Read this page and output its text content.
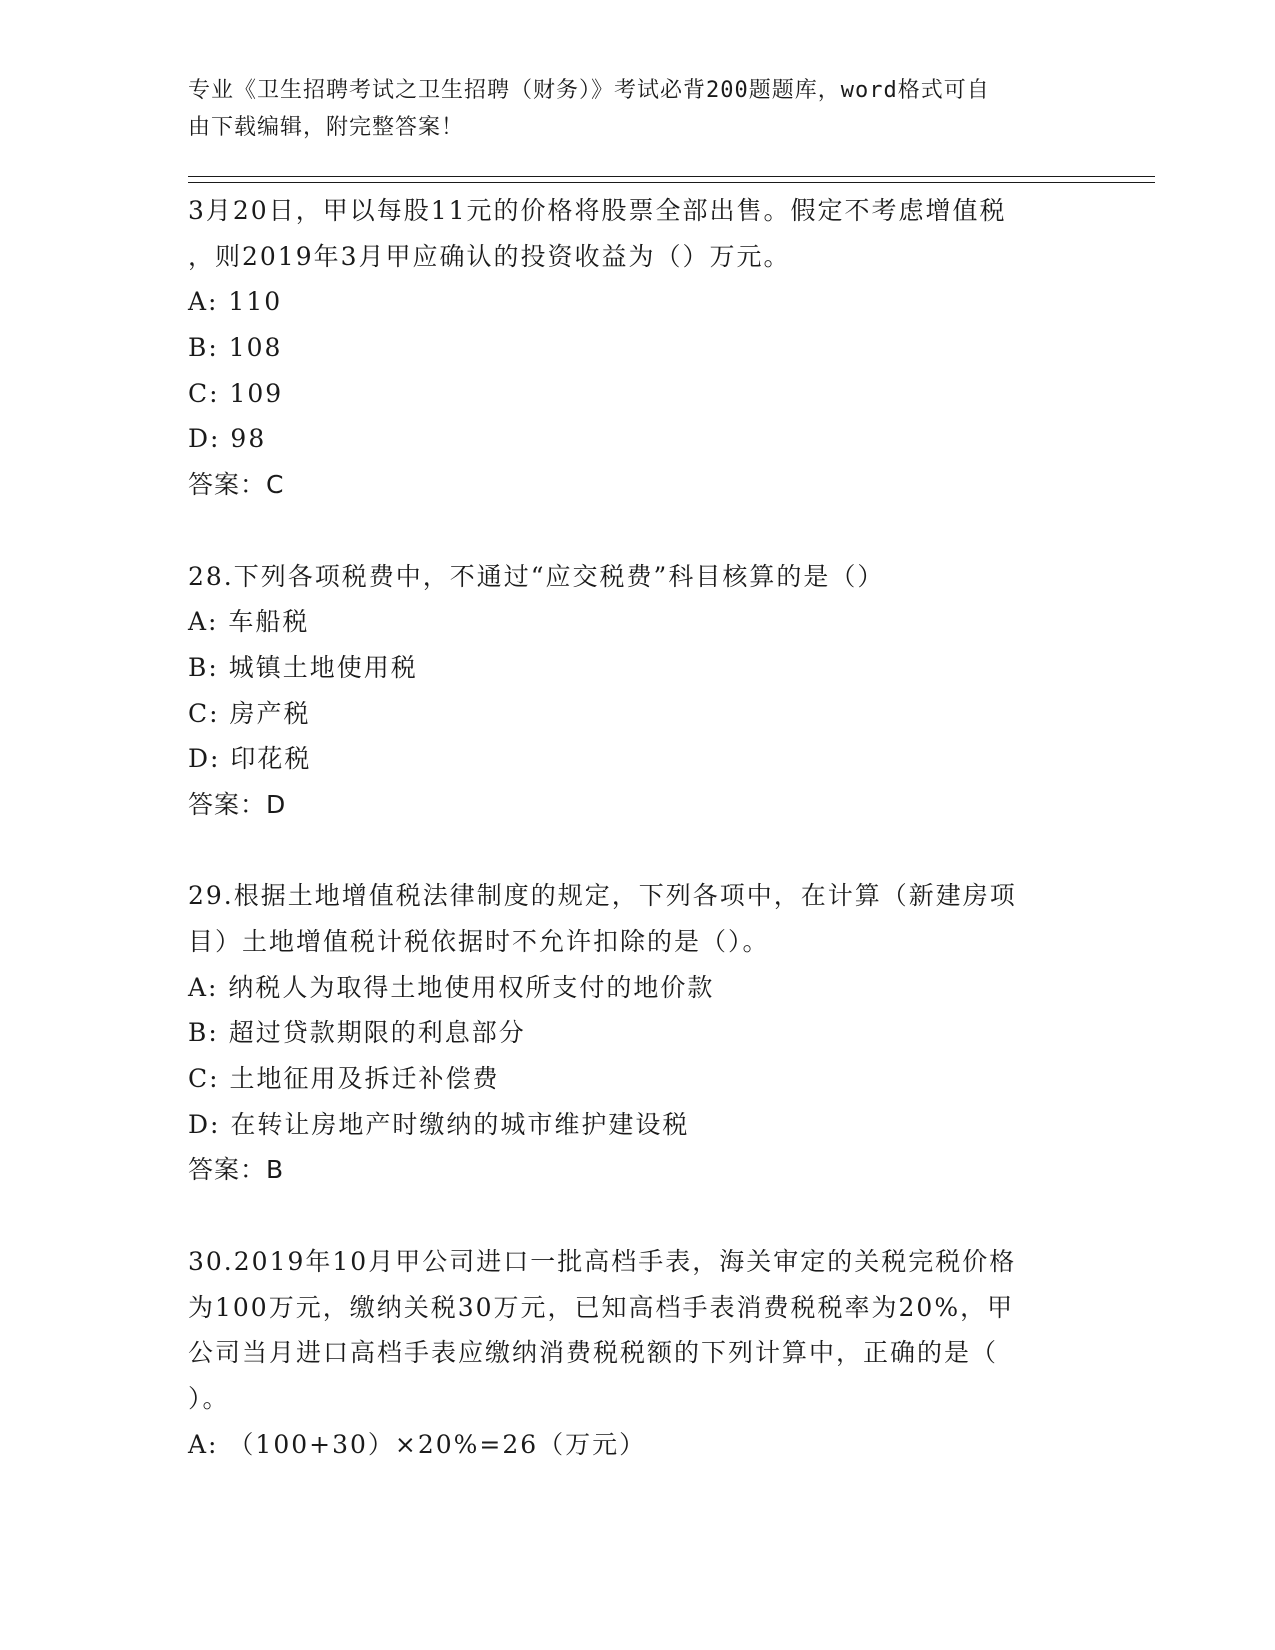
专业《卫生招聘考试之卫生招聘（财务）》考试必背200题题库，word格式可自
由下载编辑，附完整答案！
3月20日，甲以每股11元的价格将股票全部出售。假定不考虑增值税
，则2019年3月甲应确认的投资收益为（）万元。
A: 110
B: 108
C: 109
D: 98
答案：C
28.下列各项税费中，不通过“应交税费”科目核算的是（）
A: 车船税
B: 城镇土地使用税
C: 房产税
D: 印花税
答案：D
29.根据土地增值税法律制度的规定，下列各项中，在计算（新建房项
目）土地增值税计税依据时不允许扣除的是（）。
A: 纳税人为取得土地使用权所支付的地价款
B: 超过贷款期限的利息部分
C: 土地征用及拆迁补偿费
D: 在转让房地产时缴纳的城市维护建设税
答案：B
30.2019年10月甲公司进口一批高档手表，海关审定的关税完税价格
为100万元，缴纳关税30万元，已知高档手表消费税税率为20%，甲
公司当月进口高档手表应缴纳消费税税额的下列计算中，正确的是（
）。
A: （100+30）×20%=26（万元）
